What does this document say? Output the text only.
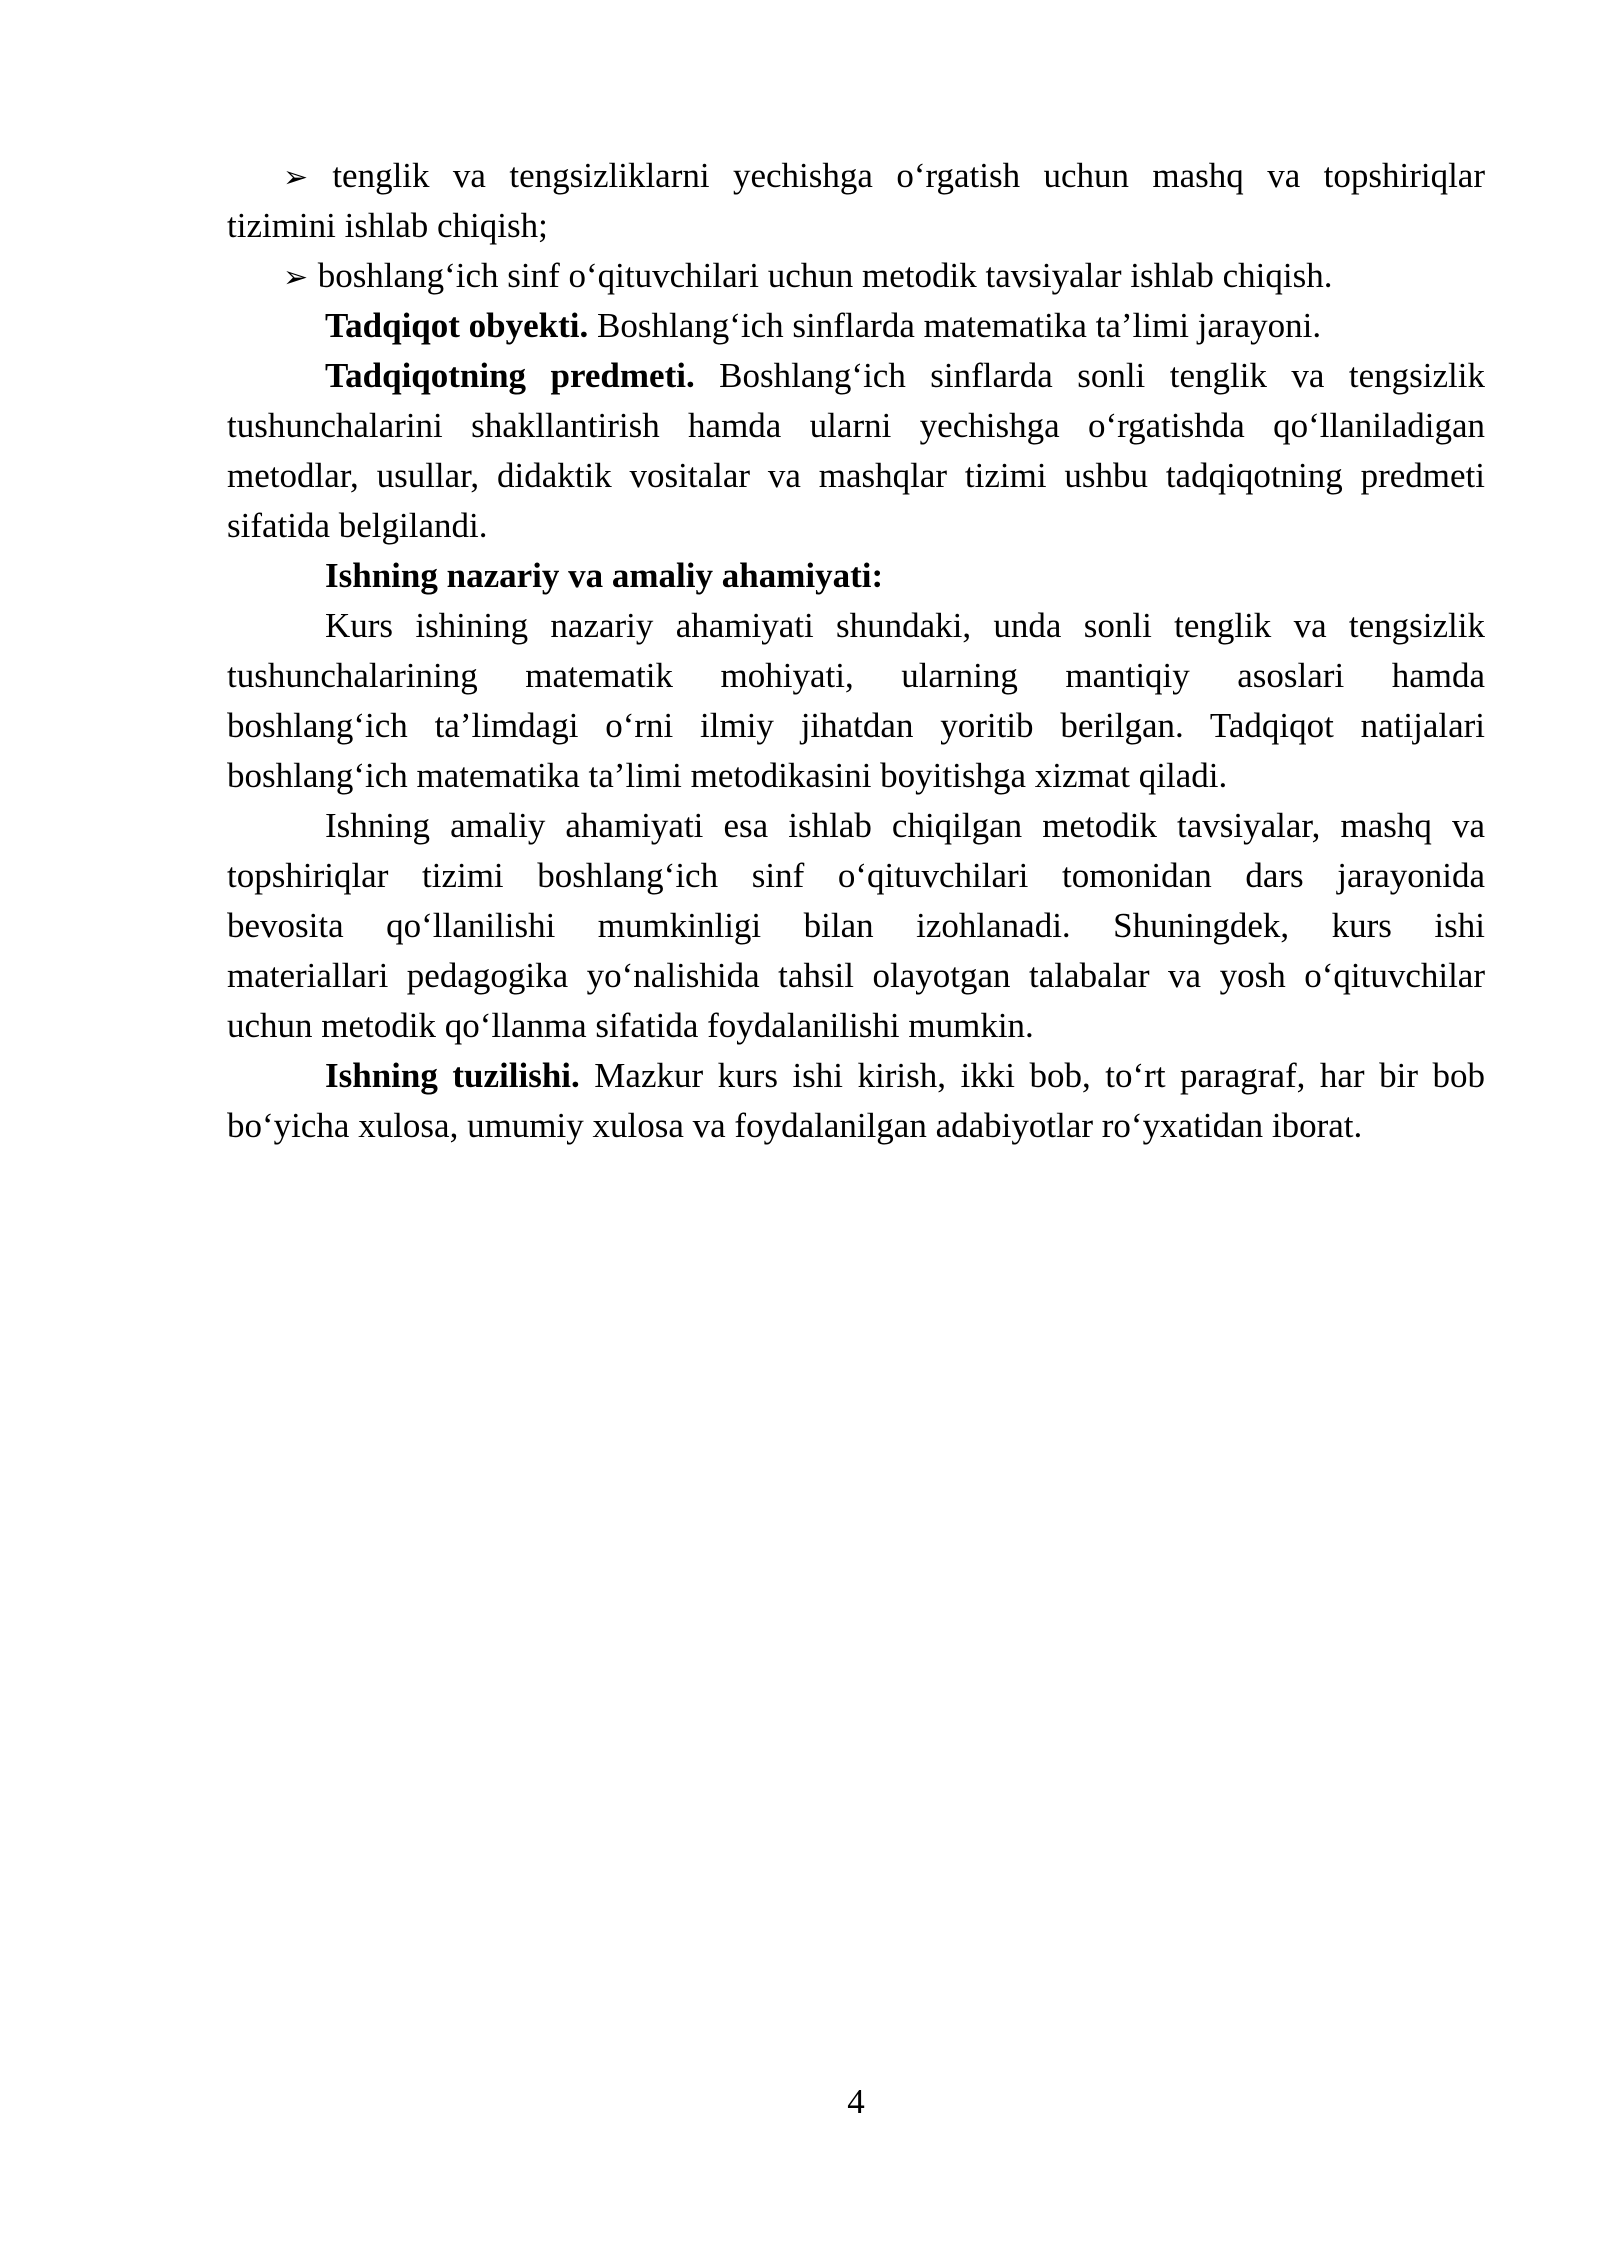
➢ tenglik va tengsizliklarni yechishga o‘rgatish uchun mashq va topshiriqlar
tizimini ishlab chiqish;
➢ boshlang‘ich sinf o‘qituvchilari uchun metodik tavsiyalar ishlab chiqish.
Tadqiqot obyekti. Boshlang‘ich sinflarda matematika ta’limi jarayoni.
Tadqiqotning predmeti. Boshlang‘ich sinflarda sonli tenglik va tengsizlik
tushunchalarini shakllantirish hamda ularni yechishga o‘rgatishda qo‘llaniladigan
metodlar, usullar, didaktik vositalar va mashqlar tizimi ushbu tadqiqotning predmeti
sifatida belgilandi.
Ishning nazariy va amaliy ahamiyati:
Kurs ishining nazariy ahamiyati shundaki, unda sonli tenglik va tengsizlik
tushunchalarining matematik mohiyati, ularning mantiqiy asoslari hamda
boshlang‘ich ta’limdagi o‘rni ilmiy jihatdan yoritib berilgan. Tadqiqot natijalari
boshlang‘ich matematika ta’limi metodikasini boyitishga xizmat qiladi.
Ishning amaliy ahamiyati esa ishlab chiqilgan metodik tavsiyalar, mashq va
topshiriqlar tizimi boshlang‘ich sinf o‘qituvchilari tomonidan dars jarayonida
bevosita qo‘llanilishi mumkinligi bilan izohlanadi. Shuningdek, kurs ishi
materiallari pedagogika yo‘nalishida tahsil olayotgan talabalar va yosh o‘qituvchilar
uchun metodik qo‘llanma sifatida foydalanilishi mumkin.
Ishning tuzilishi. Mazkur kurs ishi kirish, ikki bob, to‘rt paragraf, har bir bob
bo‘yicha xulosa, umumiy xulosa va foydalanilgan adabiyotlar ro‘yxatidan iborat.
4
